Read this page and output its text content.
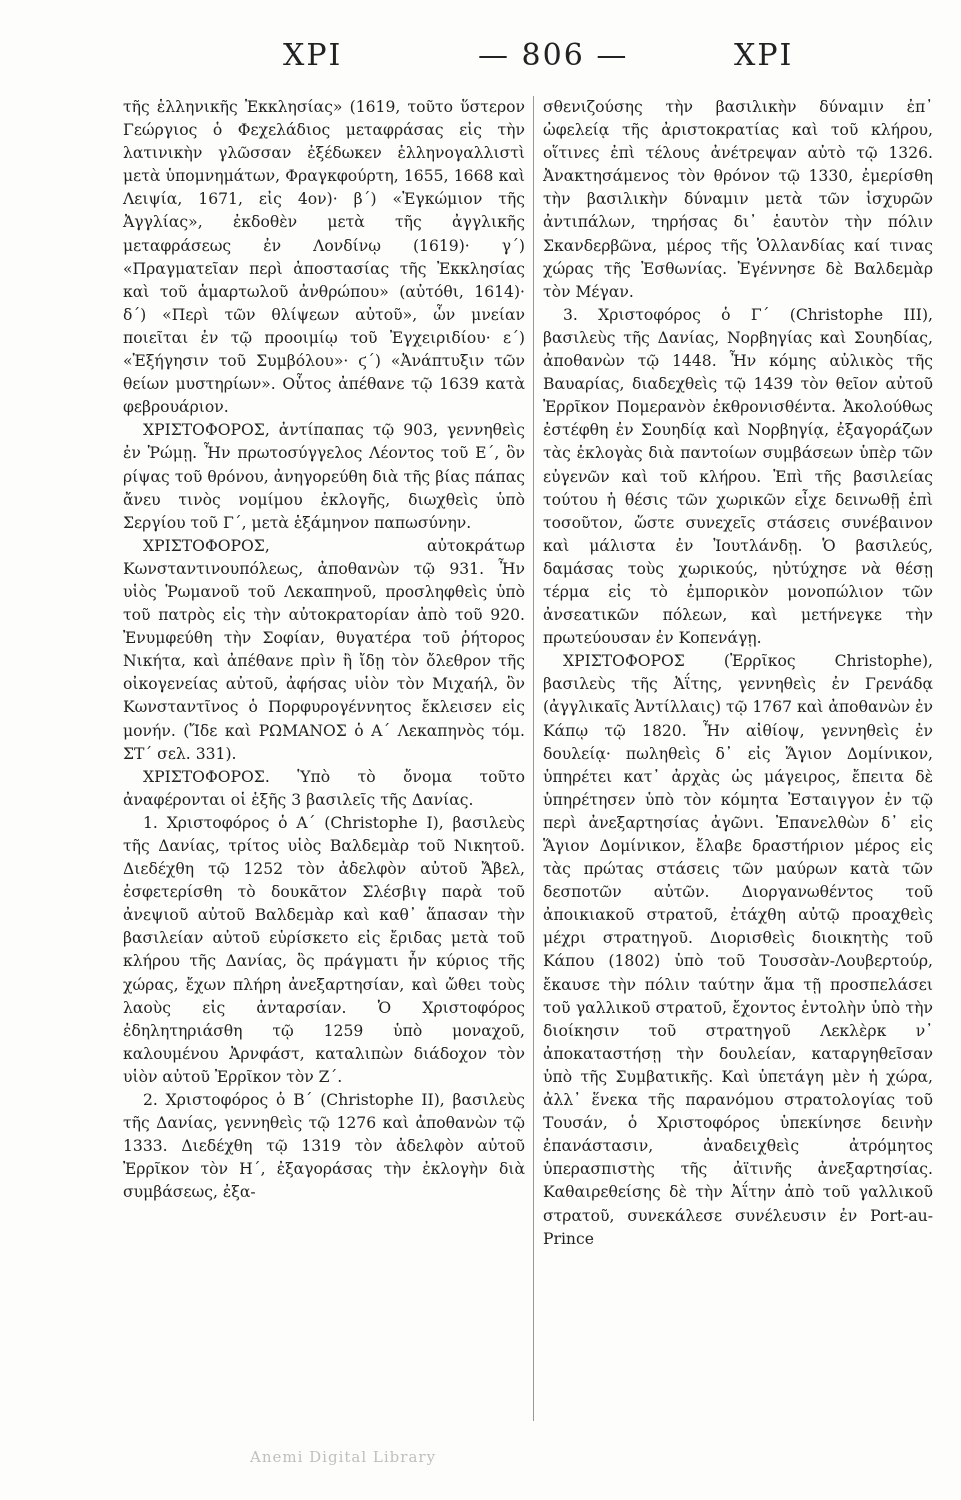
ΧΡΙ	— 806 —	ΧΡΙ

τῆς ἑλληνικῆς Ἐκκλησίας» (1619, τοῦτο ὕστερον Γεώργιος ὁ Φεχελάδιος μεταφράσας εἰς τὴν λατινικὴν γλῶσσαν ἐξέδωκεν ἑλληνογαλλιστὶ μετὰ ὑπομνημάτων, Φραγκφούρτη, 1655, 1668 καὶ Λειψία, 1671, εἰς 4ον)· β΄) «Ἐγκώμιον τῆς Ἀγγλίας», ἐκδοθὲν μετὰ τῆς ἀγγλικῆς μεταφράσεως ἐν Λονδίνῳ (1619)· γ΄) «Πραγματεῖαν περὶ ἀποστασίας τῆς Ἐκκλησίας καὶ τοῦ ἁμαρτωλοῦ ἀνθρώπου» (αὐτόθι, 1614)· δ΄) «Περὶ τῶν θλίψεων αὐτοῦ», ὧν μνείαν ποιεῖται ἐν τῷ προοιμίῳ τοῦ Ἐγχειριδίου· ε΄) «Ἐξήγησιν τοῦ Συμβόλου»· ϛ΄) «Ἀνάπτυξιν τῶν θείων μυστηρίων». Οὗτος ἀπέθανε τῷ 1639 κατὰ φεβρουάριον.

ΧΡΙΣΤΟΦΟΡΟΣ, ἀντίπαπας τῷ 903, γεννηθεὶς ἐν Ῥώμῃ. Ἦν πρωτοσύγγελος Λέοντος τοῦ Ε΄, ὃν ρίψας τοῦ θρόνου, ἀνηγορεύθη διὰ τῆς βίας πάπας ἄνευ τινὸς νομίμου ἐκλογῆς, διωχθεὶς ὑπὸ Σεργίου τοῦ Γ΄, μετὰ ἑξάμηνον παπωσύνην.

ΧΡΙΣΤΟΦΟΡΟΣ, αὐτοκράτωρ Κωνσταντινουπόλεως, ἀποθανὼν τῷ 931. Ἦν υἱὸς Ῥωμανοῦ τοῦ Λεκαπηνοῦ, προσληφθεὶς ὑπὸ τοῦ πατρὸς εἰς τὴν αὐτοκρατορίαν ἀπὸ τοῦ 920. Ἐνυμφεύθη τὴν Σοφίαν, θυγατέρα τοῦ ῥήτορος Νικήτα, καὶ ἀπέθανε πρὶν ἢ ἴδῃ τὸν ὄλεθρον τῆς οἰκογενείας αὐτοῦ, ἀφήσας υἱὸν τὸν Μιχαήλ, ὃν Κωνσταντῖνος ὁ Πορφυρογέννητος ἔκλεισεν εἰς μονήν. (Ἴδε καὶ ΡΩΜΑΝΟΣ ὁ Α΄ Λεκαπηνὸς τόμ. ΣΤ΄ σελ. 331).

ΧΡΙΣΤΟΦΟΡΟΣ. Ὑπὸ τὸ ὄνομα τοῦτο ἀναφέρονται οἱ ἑξῆς 3 βασιλεῖς τῆς Δανίας.

1. Χριστοφόρος ὁ Α΄ (Christophe I), βασιλεὺς τῆς Δανίας, τρίτος υἱὸς Βαλδεμὰρ τοῦ Νικητοῦ. Διεδέχθη τῷ 1252 τὸν ἀδελφὸν αὐτοῦ Ἄβελ, ἐσφετερίσθη τὸ δουκᾶτον Σλέσβιγ παρὰ τοῦ ἀνεψιοῦ αὐτοῦ Βαλδεμὰρ καὶ καθ᾽ ἅπασαν τὴν βασιλείαν αὐτοῦ εὑρίσκετο εἰς ἔριδας μετὰ τοῦ κλήρου τῆς Δανίας, ὃς πράγματι ἦν κύριος τῆς χώρας, ἔχων πλήρη ἀνεξαρτησίαν, καὶ ὤθει τοὺς λαοὺς εἰς ἀνταρσίαν. Ὁ Χριστοφόρος ἐδηλητηριάσθη τῷ 1259 ὑπὸ μοναχοῦ, καλουμένου Ἀρνφάστ, καταλιπὼν διάδοχον τὸν υἱὸν αὐτοῦ Ἐρρῖκον τὸν Ζ΄.

2. Χριστοφόρος ὁ Β΄ (Christophe II), βασιλεὺς τῆς Δανίας, γεννηθεὶς τῷ 1276 καὶ ἀποθανὼν τῷ 1333. Διεδέχθη τῷ 1319 τὸν ἀδελφὸν αὐτοῦ Ἐρρῖκον τὸν Η΄, ἐξαγοράσας τὴν ἐκλογὴν διὰ συμβάσεως, ἐξα-

σθενιζούσης τὴν βασιλικὴν δύναμιν ἐπ᾽ ὠφελείᾳ τῆς ἀριστοκρατίας καὶ τοῦ κλήρου, οἵτινες ἐπὶ τέλους ἀνέτρεψαν αὐτὸ τῷ 1326. Ἀνακτησάμενος τὸν θρόνον τῷ 1330, ἐμερίσθη τὴν βασιλικὴν δύναμιν μετὰ τῶν ἰσχυρῶν ἀντιπάλων, τηρήσας δι᾽ ἑαυτὸν τὴν πόλιν Σκανδερβῶνα, μέρος τῆς Ὁλλανδίας καί τινας χώρας τῆς Ἐσθωνίας. Ἐγέννησε δὲ Βαλδεμὰρ τὸν Μέγαν.

3. Χριστοφόρος ὁ Γ΄ (Christophe III), βασιλεὺς τῆς Δανίας, Νορβηγίας καὶ Σουηδίας, ἀποθανὼν τῷ 1448. Ἦν κόμης αὐλικὸς τῆς Βαυαρίας, διαδεχθεὶς τῷ 1439 τὸν θεῖον αὐτοῦ Ἐρρῖκον Πομερανὸν ἐκθρονισθέντα. Ἀκολούθως ἐστέφθη ἐν Σουηδίᾳ καὶ Νορβηγίᾳ, ἐξαγοράζων τὰς ἐκλογὰς διὰ παντοίων συμβάσεων ὑπὲρ τῶν εὐγενῶν καὶ τοῦ κλήρου. Ἐπὶ τῆς βασιλείας τούτου ἡ θέσις τῶν χωρικῶν εἶχε δεινωθῇ ἐπὶ τοσοῦτον, ὥστε συνεχεῖς στάσεις συνέβαινον καὶ μάλιστα ἐν Ἰουτλάνδῃ. Ὁ βασιλεύς, δαμάσας τοὺς χωρικούς, ηὐτύχησε νὰ θέσῃ τέρμα εἰς τὸ ἐμπορικὸν μονοπώλιον τῶν ἀνσεατικῶν πόλεων, καὶ μετήνεγκε τὴν πρωτεύουσαν ἐν Κοπενάγῃ.

ΧΡΙΣΤΟΦΟΡΟΣ (Ἐρρῖκος Christophe), βασιλεὺς τῆς Ἀΐτης, γεννηθεὶς ἐν Γρενάδᾳ (ἀγγλικαῖς Ἀντίλλαις) τῷ 1767 καὶ ἀποθανὼν ἐν Κάπῳ τῷ 1820. Ἦν αἰθίοψ, γεννηθεὶς ἐν δουλείᾳ· πωληθεὶς δ᾽ εἰς Ἅγιον Δομίνικον, ὑπηρέτει κατ᾽ ἀρχὰς ὡς μάγειρος, ἔπειτα δὲ ὑπηρέτησεν ὑπὸ τὸν κόμητα Ἐσταιγγον ἐν τῷ περὶ ἀνεξαρτησίας ἀγῶνι. Ἐπανελθὼν δ᾽ εἰς Ἅγιον Δομίνικον, ἔλαβε δραστήριον μέρος εἰς τὰς πρώτας στάσεις τῶν μαύρων κατὰ τῶν δεσποτῶν αὐτῶν. Διοργανωθέντος τοῦ ἀποικιακοῦ στρατοῦ, ἐτάχθη αὐτῷ προαχθεὶς μέχρι στρατηγοῦ. Διορισθεὶς διοικητὴς τοῦ Κάπου (1802) ὑπὸ τοῦ Τουσσὰν-Λουβερτούρ, ἔκαυσε τὴν πόλιν ταύτην ἅμα τῇ προσπελάσει τοῦ γαλλικοῦ στρατοῦ, ἔχοντος ἐντολὴν ὑπὸ τὴν διοίκησιν τοῦ στρατηγοῦ Λεκλὲρκ ν᾽ ἀποκαταστήσῃ τὴν δουλείαν, καταργηθεῖσαν ὑπὸ τῆς Συμβατικῆς. Καὶ ὑπετάγη μὲν ἡ χώρα, ἀλλ᾽ ἕνεκα τῆς παρανόμου στρατολογίας τοῦ Τουσάν, ὁ Χριστοφόρος ὑπεκίνησε δεινὴν ἐπανάστασιν, ἀναδειχθεὶς ἀτρόμητος ὑπερασπιστὴς τῆς ἀϊτινῆς ἀνεξαρτησίας. Καθαιρεθείσης δὲ τὴν Ἀΐτην ἀπὸ τοῦ γαλλικοῦ στρατοῦ, συνεκάλεσε συνέλευσιν ἐν Port-au-Prince

Anemi Digital Library
